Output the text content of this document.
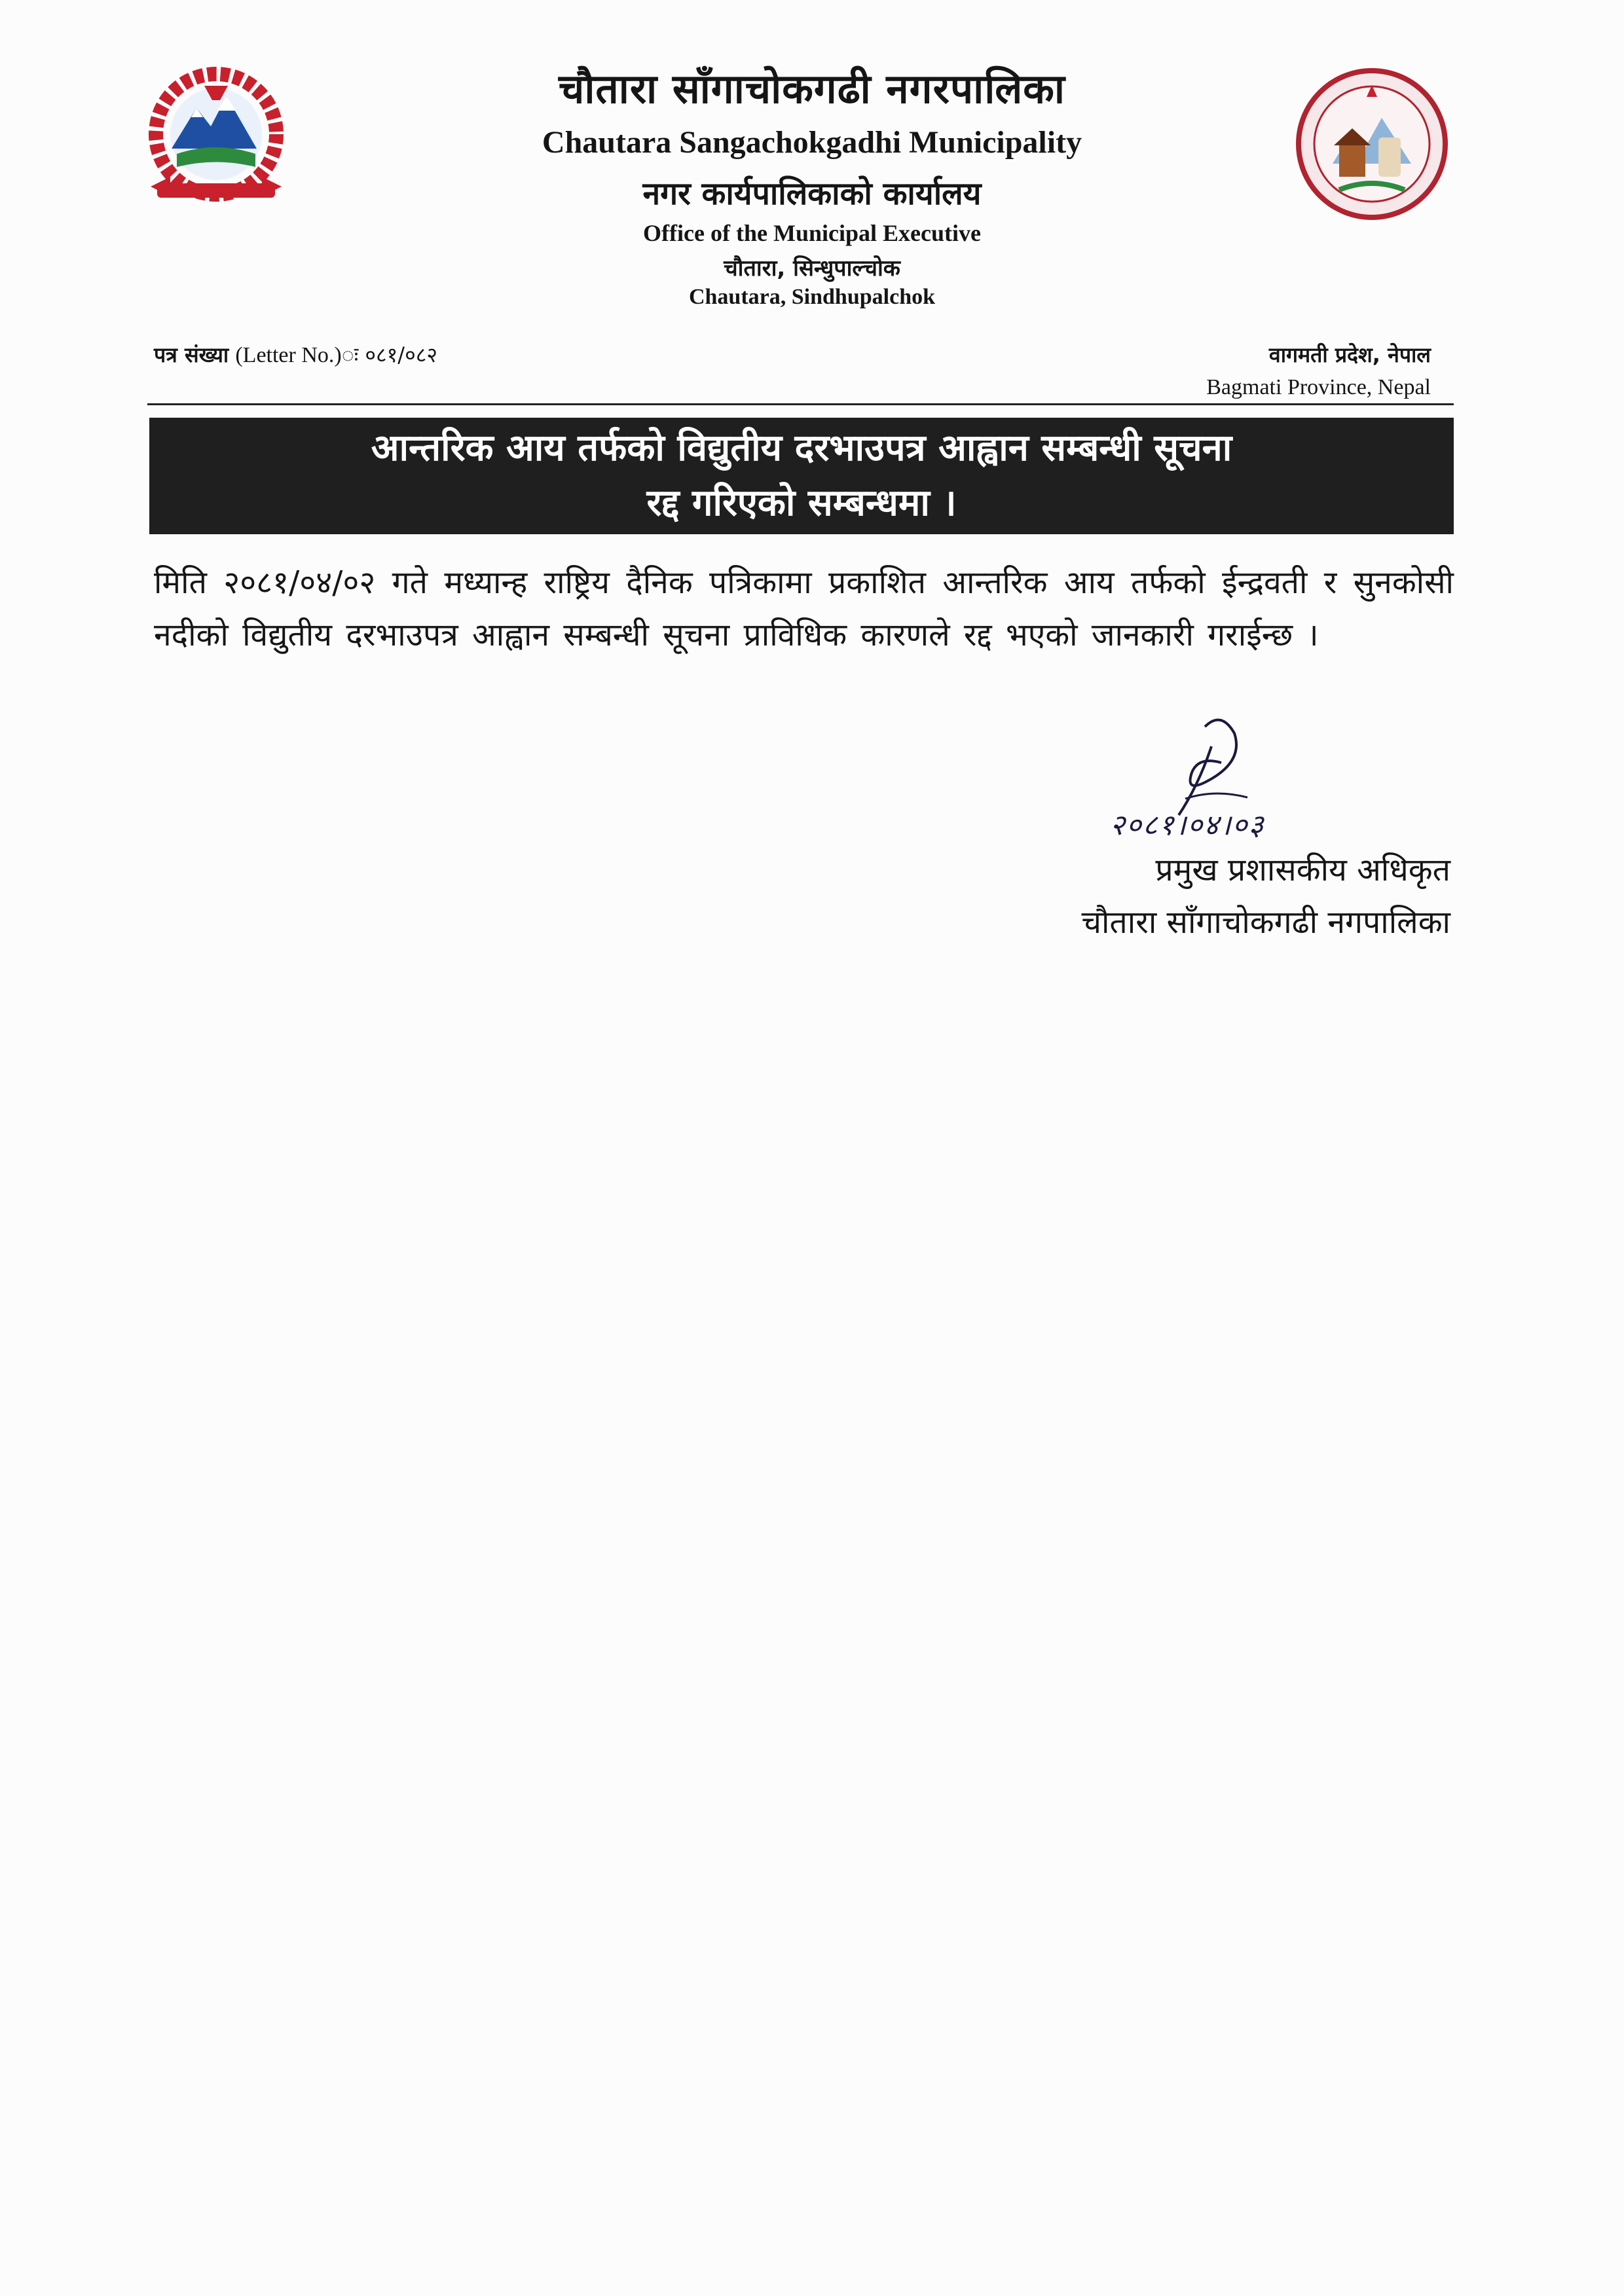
चौतारा साँगाचोकगढी नगरपालिका
Chautara Sangachokgadhi Municipality
नगर कार्यपालिकाको कार्यालय
Office of the Municipal Executive
चौतारा, सिन्धुपाल्चोक
Chautara, Sindhupalchok
पत्र संख्या (Letter No.)ः ०८१/०८२	वागमती प्रदेश, नेपाल
Bagmati Province, Nepal
आन्तरिक आय तर्फको विद्युतीय दरभाउपत्र आह्वान सम्बन्धी सूचना
रद्द गरिएको सम्बन्धमा ।
मिति २०८१/०४/०२ गते मध्यान्ह राष्ट्रिय दैनिक पत्रिकामा प्रकाशित आन्तरिक आय तर्फको ईन्द्रवती र सुनकोसी नदीको विद्युतीय दरभाउपत्र आह्वान सम्बन्धी सूचना प्राविधिक कारणले रद्द भएको जानकारी गराईन्छ ।
२०८१।०४।०३
प्रमुख प्रशासकीय अधिकृत
चौतारा साँगाचोकगढी नगपालिका
